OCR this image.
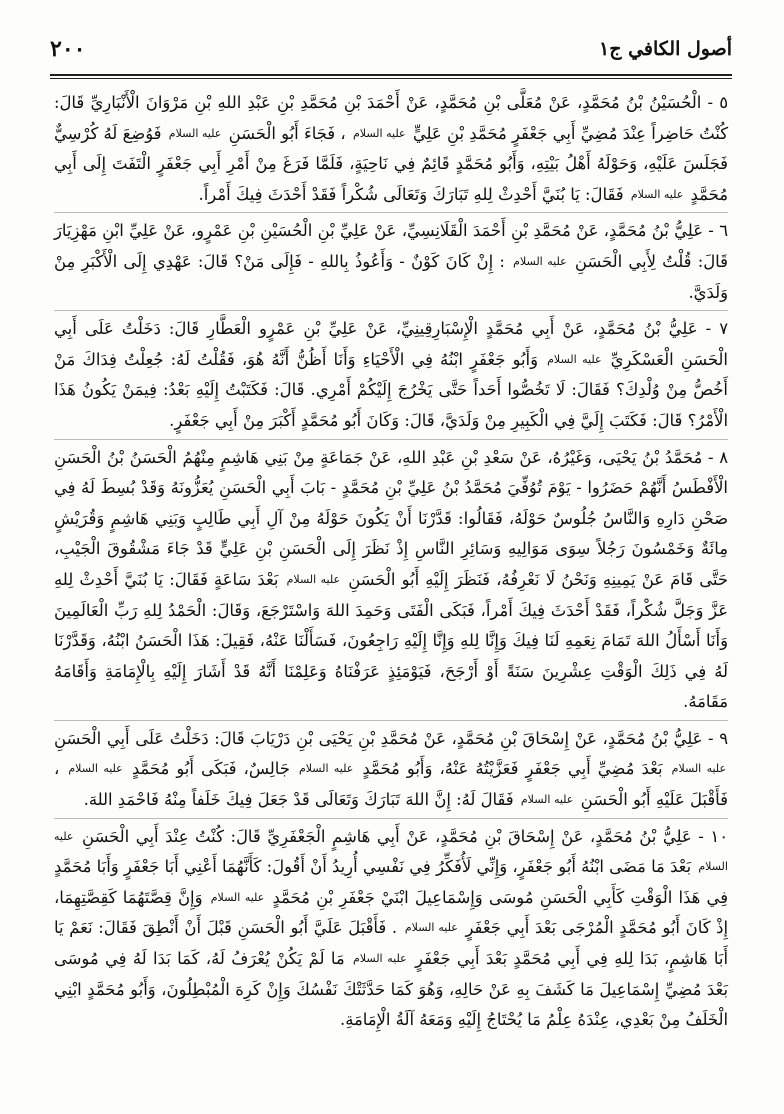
٢٠٠	أصول الكافي ج١

٥ - الْحُسَيْنُ بْنُ مُحَمَّدٍ، عَنْ مُعَلَّى بْنِ مُحَمَّدٍ، عَنْ أَحْمَدَ بْنِ مُحَمَّدِ بْنِ عَبْدِ اللهِ بْنِ مَرْوَانَ الْأَنْبَارِيِّ قَالَ: كُنْتُ حَاضِراً عِنْدَ مُضِيِّ أَبِي جَعْفَرٍ مُحَمَّدِ بْنِ عَلِيٍّ عليه السلام ، فَجَاءَ أَبُو الْحَسَنِ عليه السلام فَوُضِعَ لَهُ كُرْسِيٌّ فَجَلَسَ عَلَيْهِ، وَحَوْلَهُ أَهْلُ بَيْتِهِ، وَأَبُو مُحَمَّدٍ قَائِمٌ فِي نَاحِيَةٍ، فَلَمَّا فَرَغَ مِنْ أَمْرِ أَبِي جَعْفَرٍ الْتَفَتَ إِلَى أَبِي مُحَمَّدٍ عليه السلام فَقَالَ: يَا بُنَيَّ أَحْدِثْ لِلهِ تَبَارَكَ وَتَعَالَى شُكْراً فَقَدْ أَحْدَثَ فِيكَ أَمْراً.

٦ - عَلِيُّ بْنُ مُحَمَّدٍ، عَنْ مُحَمَّدِ بْنِ أَحْمَدَ الْقَلَانِسِيِّ، عَنْ عَلِيِّ بْنِ الْحُسَيْنِ بْنِ عَمْرٍو، عَنْ عَلِيِّ ابْنِ مَهْزِيَارَ قَالَ: قُلْتُ لِأَبِي الْحَسَنِ عليه السلام : إِنْ كَانَ كَوْنٌ - وَأَعُوذُ بِاللهِ - فَإِلَى مَنْ؟ قَالَ: عَهْدِي إِلَى الْأَكْبَرِ مِنْ وَلَدَيَّ.

٧ - عَلِيُّ بْنُ مُحَمَّدٍ، عَنْ أَبِي مُحَمَّدٍ الْإِسْبَارِقِينِيِّ، عَنْ عَلِيِّ بْنِ عَمْرٍو الْعَطَّارِ قَالَ: دَخَلْتُ عَلَى أَبِي الْحَسَنِ الْعَسْكَرِيِّ عليه السلام وَأَبُو جَعْفَرٍ ابْنُهُ فِي الْأَحْيَاءِ وَأَنَا أَظُنُّ أَنَّهُ هُوَ، فَقُلْتُ لَهُ: جُعِلْتُ فِدَاكَ مَنْ أَخُصُّ مِنْ وُلْدِكَ؟ فَقَالَ: لَا تَخُصُّوا أَحَداً حَتَّى يَخْرُجَ إِلَيْكُمْ أَمْرِي. قَالَ: فَكَتَبْتُ إِلَيْهِ بَعْدُ: فِيمَنْ يَكُونُ هَذَا الْأَمْرُ؟ قَالَ: فَكَتَبَ إِلَيَّ فِي الْكَبِيرِ مِنْ وَلَدَيَّ، قَالَ: وَكَانَ أَبُو مُحَمَّدٍ أَكْبَرَ مِنْ أَبِي جَعْفَرٍ.

٨ - مُحَمَّدُ بْنُ يَحْيَى، وَغَيْرُهُ، عَنْ سَعْدِ بْنِ عَبْدِ اللهِ، عَنْ جَمَاعَةٍ مِنْ بَنِي هَاشِمٍ مِنْهُمُ الْحَسَنُ بْنُ الْحَسَنِ الْأَفْطَسُ أَنَّهُمْ حَضَرُوا - يَوْمَ تُوُفِّيَ مُحَمَّدُ بْنُ عَلِيِّ بْنِ مُحَمَّدٍ - بَابَ أَبِي الْحَسَنِ يُعَزُّونَهُ وَقَدْ بُسِطَ لَهُ فِي صَحْنِ دَارِهِ وَالنَّاسُ جُلُوسٌ حَوْلَهُ، فَقَالُوا: قَدَّرْنَا أَنْ يَكُونَ حَوْلَهُ مِنْ آلِ أَبِي طَالِبٍ وَبَنِي هَاشِمٍ وَقُرَيْشٍ مِائَةٌ وَخَمْسُونَ رَجُلاً سِوَى مَوَالِيهِ وَسَائِرِ النَّاسِ إِذْ نَظَرَ إِلَى الْحَسَنِ بْنِ عَلِيٍّ قَدْ جَاءَ مَشْقُوقَ الْجَيْبِ، حَتَّى قَامَ عَنْ يَمِينِهِ وَنَحْنُ لَا نَعْرِفُهُ، فَنَظَرَ إِلَيْهِ أَبُو الْحَسَنِ عليه السلام بَعْدَ سَاعَةٍ فَقَالَ: يَا بُنَيَّ أَحْدِثْ لِلهِ عَزَّ وَجَلَّ شُكْراً، فَقَدْ أَحْدَثَ فِيكَ أَمْراً، فَبَكَى الْفَتَى وَحَمِدَ اللهَ وَاسْتَرْجَعَ، وَقَالَ: الْحَمْدُ لِلهِ رَبِّ الْعَالَمِينَ وَأَنَا أَسْأَلُ اللهَ تَمَامَ نِعَمِهِ لَنَا فِيكَ وَإِنَّا لِلهِ وَإِنَّا إِلَيْهِ رَاجِعُونَ، فَسَأَلْنَا عَنْهُ، فَقِيلَ: هَذَا الْحَسَنُ ابْنُهُ، وَقَدَّرْنَا لَهُ فِي ذَلِكَ الْوَقْتِ عِشْرِينَ سَنَةً أَوْ أَرْجَحَ، فَيَوْمَئِذٍ عَرَفْنَاهُ وَعَلِمْنَا أَنَّهُ قَدْ أَشَارَ إِلَيْهِ بِالْإِمَامَةِ وَأَقَامَهُ مَقَامَهُ.

٩ - عَلِيُّ بْنُ مُحَمَّدٍ، عَنْ إِسْحَاقَ بْنِ مُحَمَّدٍ، عَنْ مُحَمَّدِ بْنِ يَحْيَى بْنِ دَرْيَابَ قَالَ: دَخَلْتُ عَلَى أَبِي الْحَسَنِ عليه السلام بَعْدَ مُضِيِّ أَبِي جَعْفَرٍ فَعَزَّيْتُهُ عَنْهُ، وَأَبُو مُحَمَّدٍ عليه السلام جَالِسٌ، فَبَكَى أَبُو مُحَمَّدٍ عليه السلام ، فَأَقْبَلَ عَلَيْهِ أَبُو الْحَسَنِ عليه السلام فَقَالَ لَهُ: إِنَّ اللهَ تَبَارَكَ وَتَعَالَى قَدْ جَعَلَ فِيكَ خَلَفاً مِنْهُ فَاحْمَدِ اللهَ.

١٠ - عَلِيُّ بْنُ مُحَمَّدٍ، عَنْ إِسْحَاقَ بْنِ مُحَمَّدٍ، عَنْ أَبِي هَاشِمٍ الْجَعْفَرِيِّ قَالَ: كُنْتُ عِنْدَ أَبِي الْحَسَنِ عليه السلام بَعْدَ مَا مَضَى ابْنُهُ أَبُو جَعْفَرٍ، وَإِنِّي لَأُفَكِّرُ فِي نَفْسِي أُرِيدُ أَنْ أَقُولَ: كَأَنَّهُمَا أَعْنِي أَبَا جَعْفَرٍ وَأَبَا مُحَمَّدٍ فِي هَذَا الْوَقْتِ كَأَبِي الْحَسَنِ مُوسَى وَإِسْمَاعِيلَ ابْنَيْ جَعْفَرِ بْنِ مُحَمَّدٍ عليه السلام وَإِنَّ قِصَّتَهُمَا كَقِصَّتِهِمَا، إِذْ كَانَ أَبُو مُحَمَّدٍ الْمُرْجَى بَعْدَ أَبِي جَعْفَرٍ عليه السلام . فَأَقْبَلَ عَلَيَّ أَبُو الْحَسَنِ قَبْلَ أَنْ أَنْطِقَ فَقَالَ: نَعَمْ يَا أَبَا هَاشِمٍ، بَدَا لِلهِ فِي أَبِي مُحَمَّدٍ بَعْدَ أَبِي جَعْفَرٍ عليه السلام مَا لَمْ يَكُنْ يُعْرَفُ لَهُ، كَمَا بَدَا لَهُ فِي مُوسَى بَعْدَ مُضِيِّ إِسْمَاعِيلَ مَا كَشَفَ بِهِ عَنْ حَالِهِ، وَهُوَ كَمَا حَدَّثَتْكَ نَفْسُكَ وَإِنْ كَرِهَ الْمُبْطِلُونَ، وَأَبُو مُحَمَّدٍ ابْنِي الْخَلَفُ مِنْ بَعْدِي، عِنْدَهُ عِلْمُ مَا يُحْتَاجُ إِلَيْهِ وَمَعَهُ آلَةُ الْإِمَامَةِ.
